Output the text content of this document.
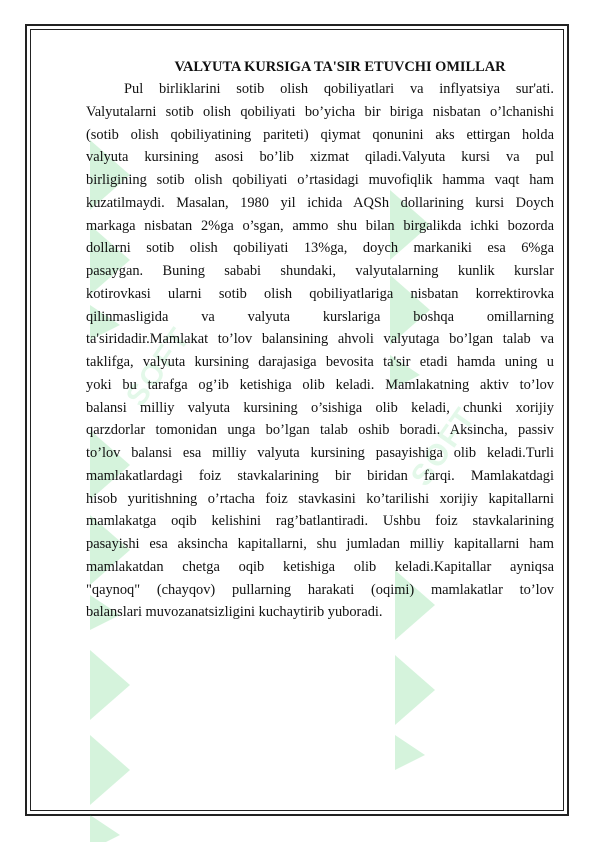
SOFT
SOFT

VALYUTA KURSIGA TA'SIR ETUVCHI OMILLAR

Pul birliklarini sotib olish qobiliyatlari va inflyatsiya sur'ati.
Valyutalarni sotib olish qobiliyati bo’yicha bir biriga nisbatan o’lchanishi
(sotib olish qobiliyatining pariteti) qiymat qonunini aks ettirgan holda
valyuta kursining asosi bo’lib xizmat qiladi.Valyuta kursi va pul
birligining sotib olish qobiliyati o’rtasidagi muvofiqlik hamma vaqt ham
kuzatilmaydi. Masalan, 1980 yil ichida AQSh dollarining kursi Doych
markaga nisbatan 2%ga o’sgan, ammo shu bilan birgalikda ichki bozorda
dollarni sotib olish qobiliyati 13%ga, doych markaniki esa 6%ga
pasaygan. Buning sababi shundaki, valyutalarning kunlik kurslar
kotirovkasi ularni sotib olish qobiliyatlariga nisbatan korrektirovka
qilinmasligida va valyuta kurslariga boshqa omillarning
ta'siridadir.Mamlakat to’lov balansining ahvoli valyutaga bo’lgan talab va
taklifga, valyuta kursining darajasiga bevosita ta'sir etadi hamda uning u
yoki bu tarafga og’ib ketishiga olib keladi. Mamlakatning aktiv to’lov
balansi milliy valyuta kursining o’sishiga olib keladi, chunki xorijiy
qarzdorlar tomonidan unga bo’lgan talab oshib boradi. Aksincha, passiv
to’lov balansi esa milliy valyuta kursining pasayishiga olib keladi.Turli
mamlakatlardagi foiz stavkalarining bir biridan farqi. Mamlakatdagi
hisob yuritishning o’rtacha foiz stavkasini ko’tarilishi xorijiy kapitallarni
mamlakatga oqib kelishini rag’batlantiradi. Ushbu foiz stavkalarining
pasayishi esa aksincha kapitallarni, shu jumladan milliy kapitallarni ham
mamlakatdan chetga oqib ketishiga olib keladi.Kapitallar ayniqsa
"qaynoq" (chayqov) pullarning harakati (oqimi) mamlakatlar to’lov
balanslari muvozanatsizligini kuchaytirib yuboradi.
